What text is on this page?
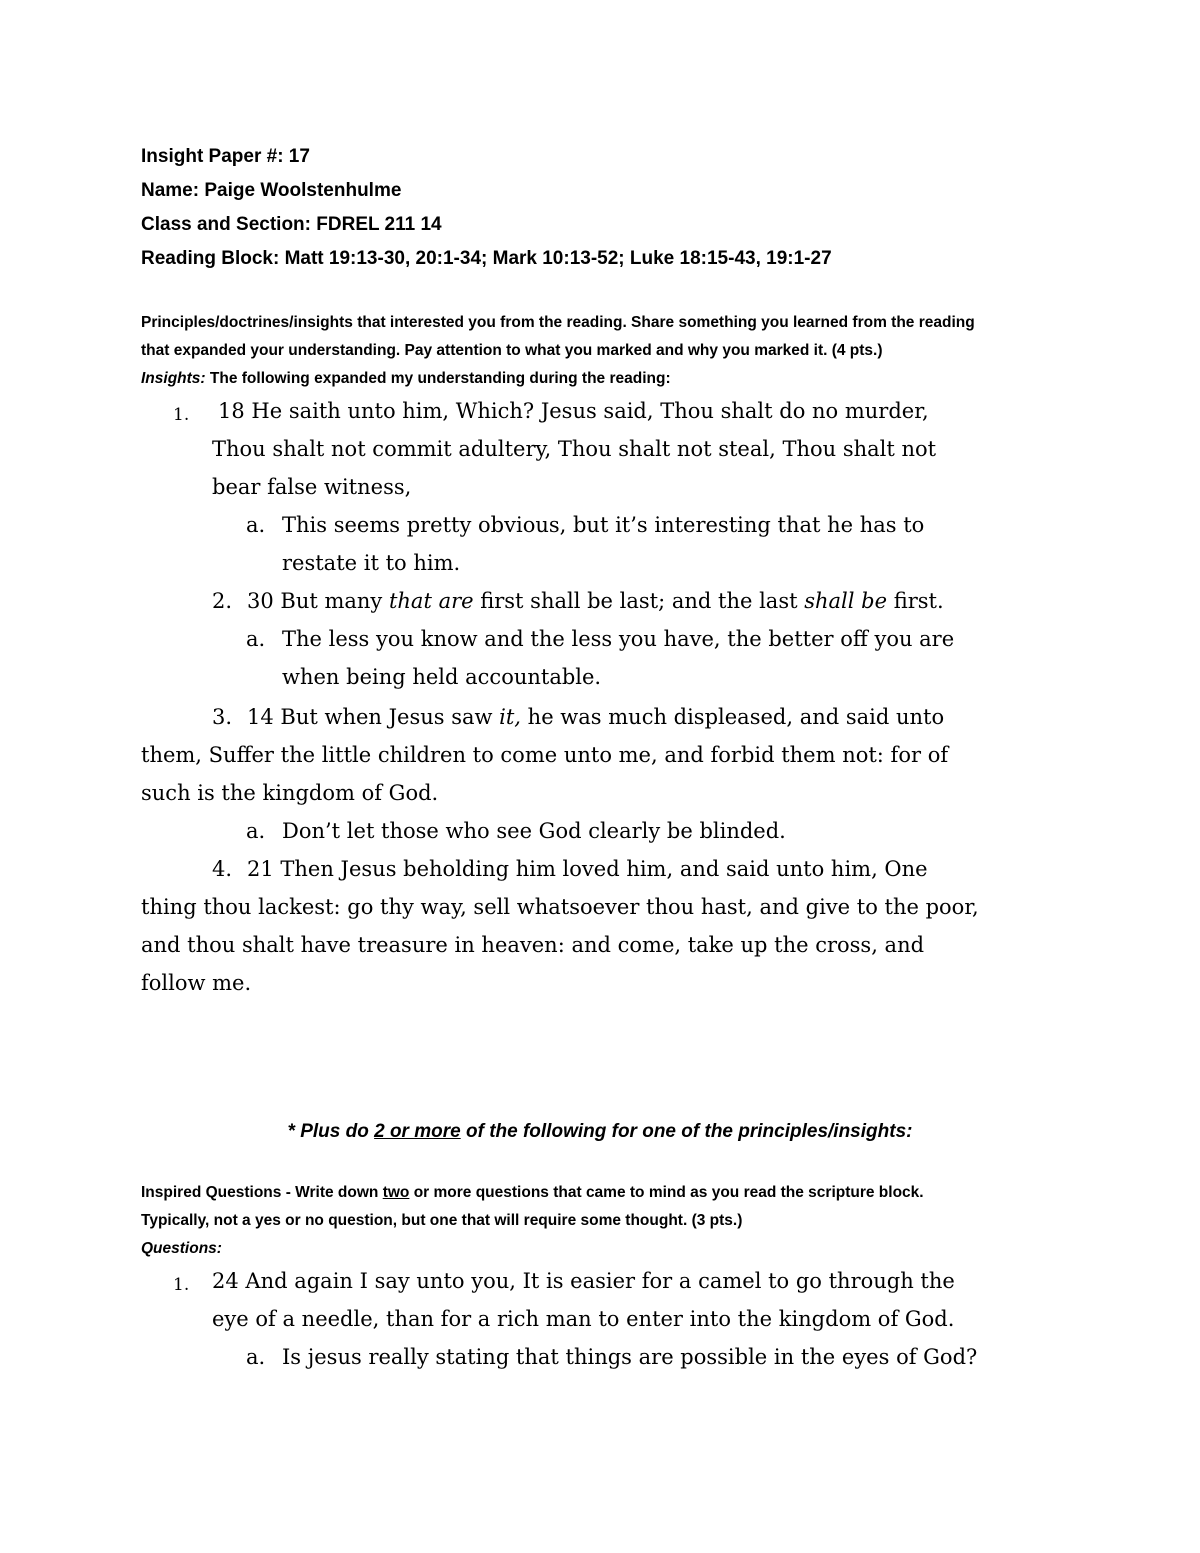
Insight Paper #: 17
Name: Paige Woolstenhulme
Class and Section: FDREL 211 14
Reading Block: Matt 19:13-30, 20:1-34; Mark 10:13-52; Luke 18:15-43, 19:1-27
Principles/doctrines/insights that interested you from the reading. Share something you learned from the reading
that expanded your understanding. Pay attention to what you marked and why you marked it. (4 pts.)
Insights: The following expanded my understanding during the reading:
1. 18 He saith unto him, Which? Jesus said, Thou shalt do no murder,
Thou shalt not commit adultery, Thou shalt not steal, Thou shalt not
bear false witness,
a. This seems pretty obvious, but it’s interesting that he has to
restate it to him.
2. 30 But many that are first shall be last; and the last shall be first.
a. The less you know and the less you have, the better off you are
when being held accountable.
3. 14 But when Jesus saw it, he was much displeased, and said unto
them, Suffer the little children to come unto me, and forbid them not: for of
such is the kingdom of God.
a. Don’t let those who see God clearly be blinded.
4. 21 Then Jesus beholding him loved him, and said unto him, One
thing thou lackest: go thy way, sell whatsoever thou hast, and give to the poor,
and thou shalt have treasure in heaven: and come, take up the cross, and
follow me.
* Plus do 2 or more of the following for one of the principles/insights:
Inspired Questions - Write down two or more questions that came to mind as you read the scripture block.
Typically, not a yes or no question, but one that will require some thought. (3 pts.)
Questions:
1. 24 And again I say unto you, It is easier for a camel to go through the
eye of a needle, than for a rich man to enter into the kingdom of God.
a. Is jesus really stating that things are possible in the eyes of God?
